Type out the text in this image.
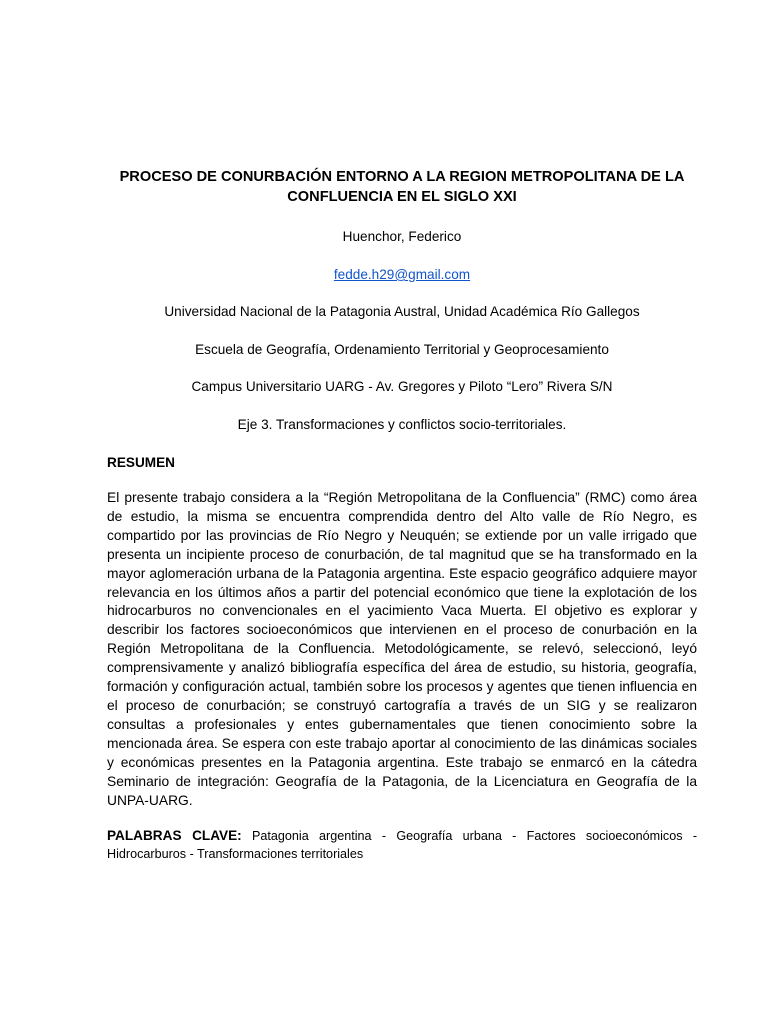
PROCESO DE CONURBACIÓN ENTORNO A LA REGION METROPOLITANA DE LA CONFLUENCIA EN EL SIGLO XXI

Huenchor, Federico

fedde.h29@gmail.com

Universidad Nacional de la Patagonia Austral, Unidad Académica Río Gallegos

Escuela de Geografía, Ordenamiento Territorial y Geoprocesamiento

Campus Universitario UARG - Av. Gregores y Piloto “Lero” Rivera S/N

Eje 3. Transformaciones y conflictos socio-territoriales.

RESUMEN

El presente trabajo considera a la “Región Metropolitana de la Confluencia” (RMC) como área de estudio, la misma se encuentra comprendida dentro del Alto valle de Río Negro, es compartido por las provincias de Río Negro y Neuquén; se extiende por un valle irrigado que presenta un incipiente proceso de conurbación, de tal magnitud que se ha transformado en la mayor aglomeración urbana de la Patagonia argentina. Este espacio geográfico adquiere mayor relevancia en los últimos años a partir del potencial económico que tiene la explotación de los hidrocarburos no convencionales en el yacimiento Vaca Muerta. El objetivo es explorar y describir los factores socioeconómicos que intervienen en el proceso de conurbación en la Región Metropolitana de la Confluencia. Metodológicamente, se relevó, seleccionó, leyó comprensivamente y analizó bibliografía específica del área de estudio, su historia, geografía, formación y configuración actual, también sobre los procesos y agentes que tienen influencia en el proceso de conurbación; se construyó cartografía a través de un SIG y se realizaron consultas a profesionales y entes gubernamentales que tienen conocimiento sobre la mencionada área. Se espera con este trabajo aportar al conocimiento de las dinámicas sociales y económicas presentes en la Patagonia argentina. Este trabajo se enmarcó en la cátedra Seminario de integración: Geografía de la Patagonia, de la Licenciatura en Geografía de la UNPA-UARG.

PALABRAS CLAVE: Patagonia argentina - Geografía urbana - Factores socioeconómicos - Hidrocarburos - Transformaciones territoriales
